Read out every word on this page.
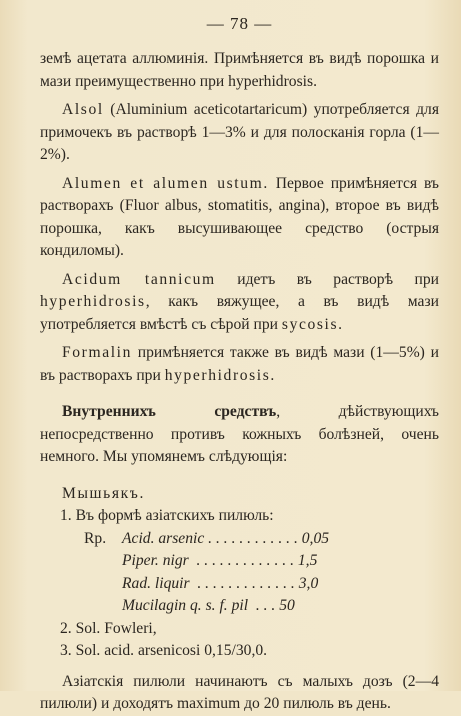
— 78 —

земѣ ацетата аллюминія. Примѣняется въ видѣ порошка и мази преимущественно при hyperhidrosis.

Alsol (Aluminium aceticotartaricum) употребляется для примочекъ въ растворѣ 1—3% и для полосканія горла (1—2%).

Alumen et alumen ustum. Первое примѣняется въ растворахъ (Fluor albus, stomatitis, angina), второе въ видѣ порошка, какъ высушивающее средство (острыя кондиломы).

Acidum tannicum идетъ въ растворѣ при hyperhidrosis, какъ вяжущее, а въ видѣ мази употребляется вмѣстѣ съ сѣрой при sycosis.

Formalin примѣняется также въ видѣ мази (1—5%) и въ растворахъ при hyperhidrosis.

Внутреннихъ средствъ, дѣйствующихъ непосредственно противъ кожныхъ болѣзней, очень немного. Мы упомянемъ слѣдующія:

Мышьякъ.

1. Въ формѣ азіатскихъ пилюль:
Rp.	Acid. arsenic . . . . . . . . . . . .
0,05
Piper. nigr  . . . . . . . . . . . . .
1,5
Rad. liquir  . . . . . . . . . . . . .
3,0
Mucilagin q. s. f. pil  . . .
50
2. Sol. Fowleri,
3. Sol. acid. arsenicosi 0,15/30,0.

Азіатскія пилюли начинаютъ съ малыхъ дозъ (2—4 пилюли) и доходятъ maximum до 20 пилюль въ день.
